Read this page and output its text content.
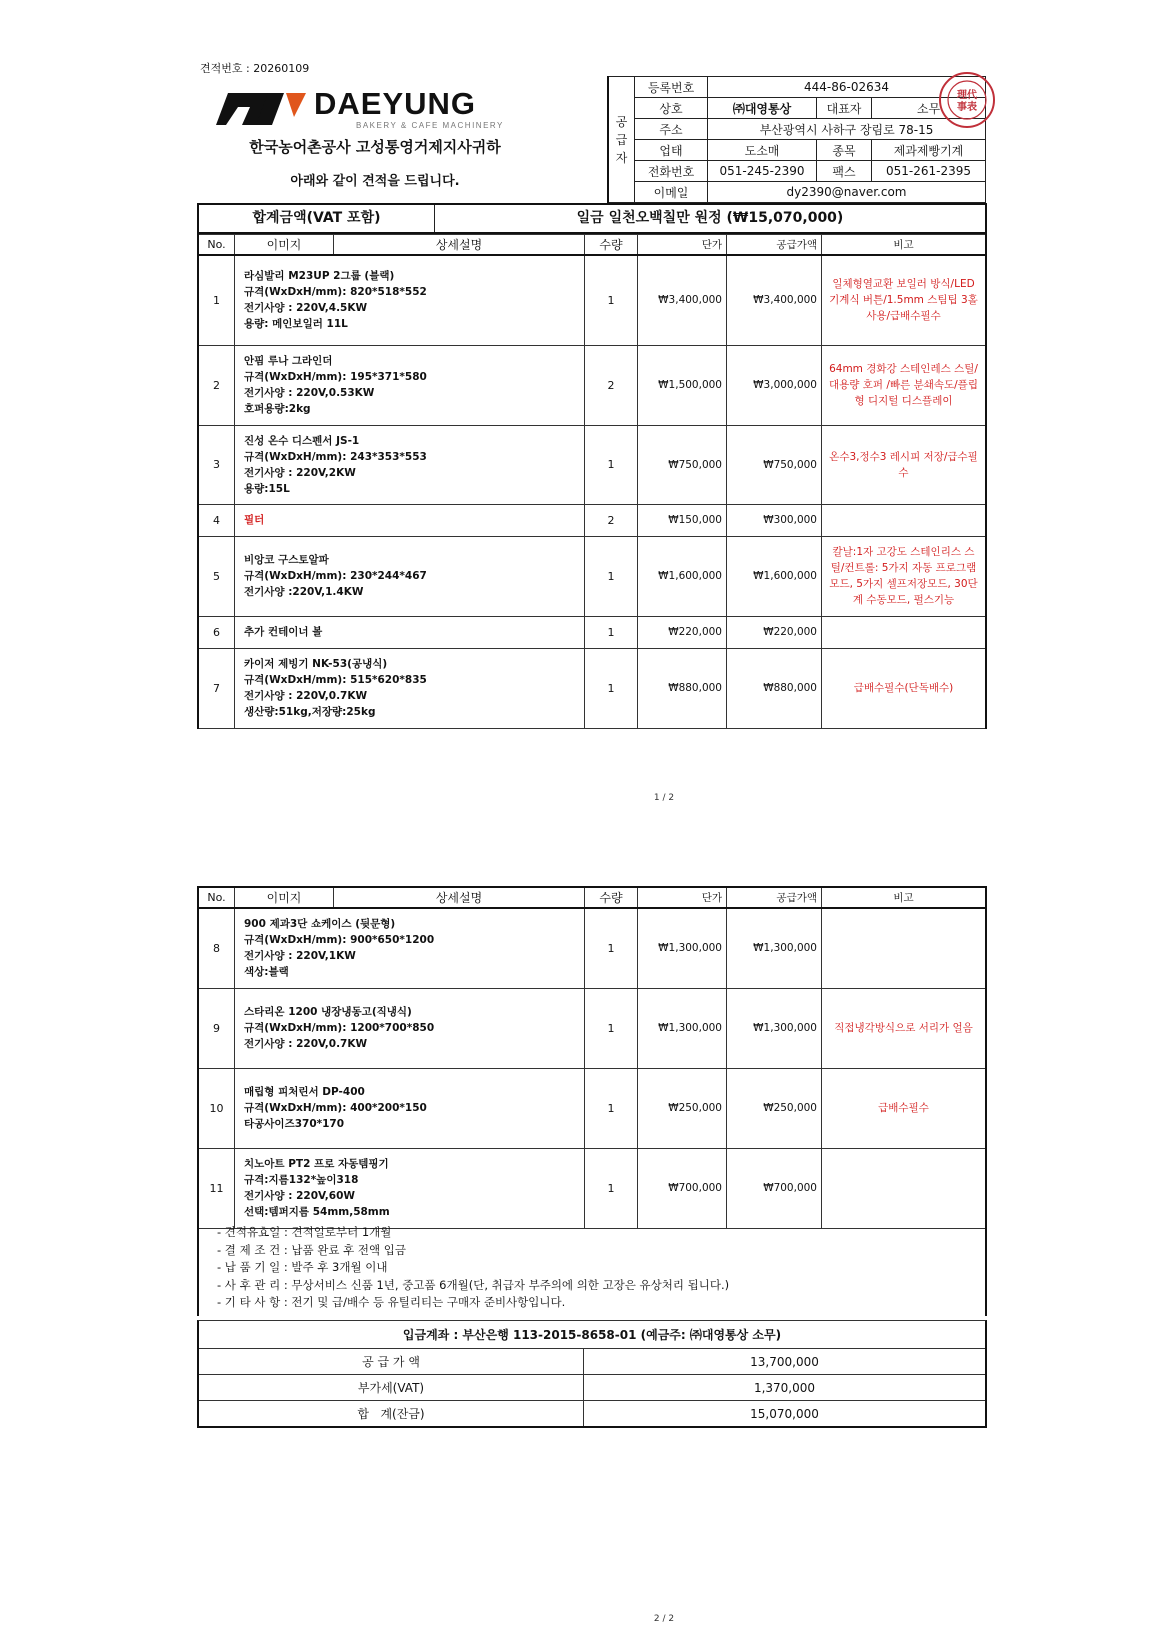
견적번호 : 20260109
DAEYUNG
BAKERY & CAFE MACHINERY
한국농어촌공사 고성통영거제지사귀하
아래와 같이 견적을 드립니다.
공
급
자	등록번호	444-86-02634		
	상호	㈜대영통상	대표자	소무
	주소	부산광역시 사하구 장림로 78-15		
	업태	도소매	종목	제과제빵기계
	전화번호	051-245-2390	팩스	051-261-2395
	이메일	dy2390@naver.com		
理代
事表
합계금액(VAT 포함)	일금 일천오백칠만 원정 (₩15,070,000)
No.	이미지	상세설명	수량	단가	공급가액	비고
1	라심발리 M23UP 2그룹 (블랙)
규격(WxDxH/mm): 820*518*552
전기사양 : 220V,4.5KW
용량: 메인보일러 11L		1	₩3,400,000	₩3,400,000	일체형열교환 보일러 방식/LED 기계식 버튼/1.5mm 스팀팁 3홀 사용/급배수필수
2	안핌 루나 그라인더
규격(WxDxH/mm): 195*371*580
전기사양 : 220V,0.53KW
호퍼용량:2kg		2	₩1,500,000	₩3,000,000	64mm 경화강 스테인레스 스틸/대용량 호퍼 /빠른 분쇄속도/플립형 디지털 디스플레이
3	진성 온수 디스펜서 JS-1
규격(WxDxH/mm): 243*353*553
전기사양 : 220V,2KW
용량:15L		1	₩750,000	₩750,000	온수3,정수3 레시피 저장/급수필수
4	필터		2	₩150,000	₩300,000	
5	비앙코 구스토알파
규격(WxDxH/mm): 230*244*467
전기사양 :220V,1.4KW		1	₩1,600,000	₩1,600,000	칼날:1자 고강도 스테인리스 스틸/컨트롤: 5가지 자동 프로그램모드, 5가지 셀프저장모드, 30단계 수동모드, 펄스기능
6	추가 컨테이너 볼		1	₩220,000	₩220,000	
7	카이저 제빙기 NK-53(공냉식)
규격(WxDxH/mm): 515*620*835
전기사양 : 220V,0.7KW
생산량:51kg,저장량:25kg		1	₩880,000	₩880,000	급배수필수(단독배수)
1 / 2
No.	이미지	상세설명	수량	단가	공급가액	비고
8	900 제과3단 쇼케이스 (뒷문형)
규격(WxDxH/mm): 900*650*1200
전기사양 : 220V,1KW
색상:블랙		1	₩1,300,000	₩1,300,000	
9	스타리온 1200 냉장냉동고(직냉식)
규격(WxDxH/mm): 1200*700*850
전기사양 : 220V,0.7KW		1	₩1,300,000	₩1,300,000	직접냉각방식으로 서리가 얼음
10	매립형 피처린서 DP-400
규격(WxDxH/mm): 400*200*150
타공사이즈370*170		1	₩250,000	₩250,000	급배수필수
11	치노아트 PT2 프로 자동템핑기
규격:지름132*높이318
전기사양 : 220V,60W
선택:템퍼지름 54mm,58mm		1	₩700,000	₩700,000	
- 견적유효일 : 견적일로부터 1개월
- 결 제 조 건 : 납품 완료 후 전액 입금
- 납 품 기 일 : 발주 후 3개월 이내
- 사 후 관 리 : 무상서비스 신품 1년, 중고품 6개월(단, 취급자 부주의에 의한 고장은 유상처리 됩니다.)
- 기 타 사 항 : 전기 및 급/배수 등 유틸리티는 구매자 준비사항입니다.
입금계좌 : 부산은행 113-2015-8658-01 (예금주: ㈜대영통상 소무)
공 급 가 액	13,700,000
부가세(VAT)	1,370,000
합   계(잔금)	15,070,000
2 / 2
